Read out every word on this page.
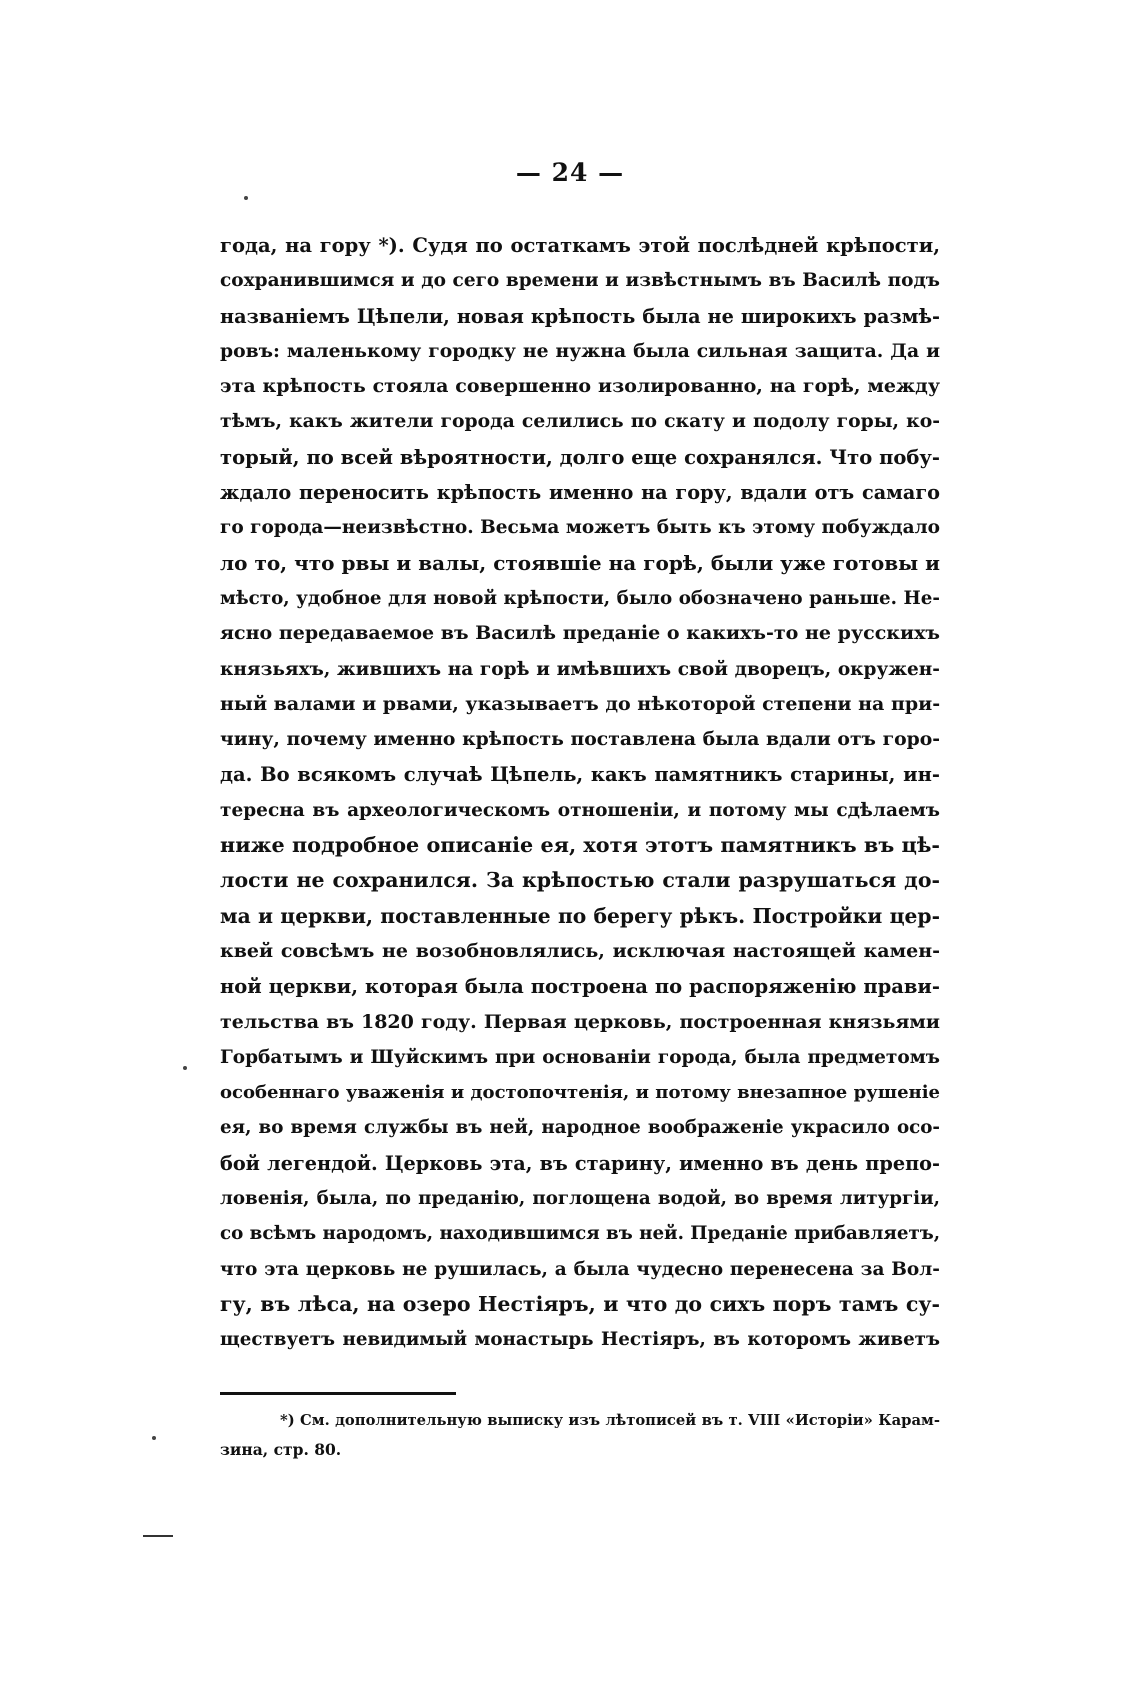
— 24 —
года, на гору *). Судя по остаткамъ этой послѣдней крѣпости,
сохранившимся и до сего времени и извѣстнымъ въ Василѣ подъ
названіемъ Цѣпели, новая крѣпость была не широкихъ размѣ-
ровъ: маленькому городку не нужна была сильная защита. Да и
эта крѣпость стояла совершенно изолированно, на горѣ, между
тѣмъ, какъ жители города селились по скату и подолу горы, ко-
торый, по всей вѣроятности, долго еще сохранялся. Что побу-
ждало переносить крѣпость именно на гору, вдали отъ самаго
го города—неизвѣстно. Весьма можетъ быть къ этому побуждало
ло то, что рвы и валы, стоявшіе на горѣ, были уже готовы и
мѣсто, удобное для новой крѣпости, было обозначено раньше. Не-
ясно передаваемое въ Василѣ преданіе о какихъ-то не русскихъ
князьяхъ, жившихъ на горѣ и имѣвшихъ свой дворецъ, окружен-
ный валами и рвами, указываетъ до нѣкоторой степени на при-
чину, почему именно крѣпость поставлена была вдали отъ горо-
да. Во всякомъ случаѣ Цѣпель, какъ памятникъ старины, ин-
тересна въ археологическомъ отношеніи, и потому мы сдѣлаемъ
ниже подробное описаніе ея, хотя этотъ памятникъ въ цѣ-
лости не сохранился. За крѣпостью стали разрушаться до-
ма и церкви, поставленные по берегу рѣкъ. Постройки цер-
квей совсѣмъ не возобновлялись, исключая настоящей камен-
ной церкви, которая была построена по распоряженію прави-
тельства въ 1820 году. Первая церковь, построенная князьями
Горбатымъ и Шуйскимъ при основаніи города, была предметомъ
особеннаго уваженія и достопочтенія, и потому внезапное рушеніе
ея, во время службы въ ней, народное воображеніе украсило осо-
бой легендой. Церковь эта, въ старину, именно въ день препо-
ловенія, была, по преданію, поглощена водой, во время литургіи,
со всѣмъ народомъ, находившимся въ ней. Преданіе прибавляетъ,
что эта церковь не рушилась, а была чудесно перенесена за Вол-
гу, въ лѣса, на озеро Нестіяръ, и что до сихъ поръ тамъ су-
ществуетъ невидимый монастырь Нестіяръ, въ которомъ живетъ
*) См. дополнительную выписку изъ лѣтописей въ т. VIII «Исторіи» Карам-
зина, стр. 80.
